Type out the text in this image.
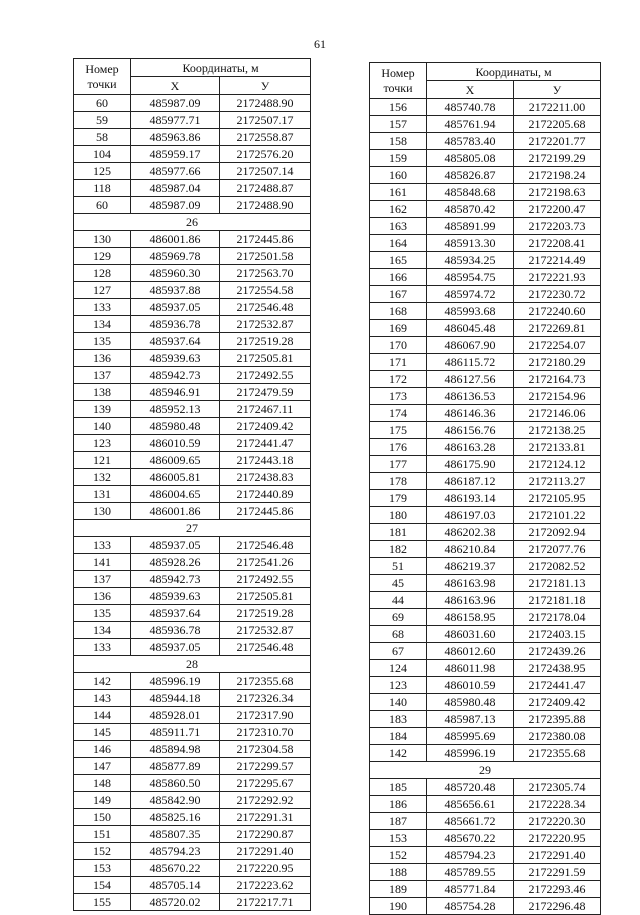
61
Номер точки	Координаты, м	
	X	У
60	485987.09	2172488.90
59	485977.71	2172507.17
58	485963.86	2172558.87
104	485959.17	2172576.20
125	485977.66	2172507.14
118	485987.04	2172488.87
60	485987.09	2172488.90
26		
130	486001.86	2172445.86
129	485969.78	2172501.58
128	485960.30	2172563.70
127	485937.88	2172554.58
133	485937.05	2172546.48
134	485936.78	2172532.87
135	485937.64	2172519.28
136	485939.63	2172505.81
137	485942.73	2172492.55
138	485946.91	2172479.59
139	485952.13	2172467.11
140	485980.48	2172409.42
123	486010.59	2172441.47
121	486009.65	2172443.18
132	486005.81	2172438.83
131	486004.65	2172440.89
130	486001.86	2172445.86
27		
133	485937.05	2172546.48
141	485928.26	2172541.26
137	485942.73	2172492.55
136	485939.63	2172505.81
135	485937.64	2172519.28
134	485936.78	2172532.87
133	485937.05	2172546.48
28		
142	485996.19	2172355.68
143	485944.18	2172326.34
144	485928.01	2172317.90
145	485911.71	2172310.70
146	485894.98	2172304.58
147	485877.89	2172299.57
148	485860.50	2172295.67
149	485842.90	2172292.92
150	485825.16	2172291.31
151	485807.35	2172290.87
152	485794.23	2172291.40
153	485670.22	2172220.95
154	485705.14	2172223.62
155	485720.02	2172217.71
Номер точки	Координаты, м	
	X	У
156	485740.78	2172211.00
157	485761.94	2172205.68
158	485783.40	2172201.77
159	485805.08	2172199.29
160	485826.87	2172198.24
161	485848.68	2172198.63
162	485870.42	2172200.47
163	485891.99	2172203.73
164	485913.30	2172208.41
165	485934.25	2172214.49
166	485954.75	2172221.93
167	485974.72	2172230.72
168	485993.68	2172240.60
169	486045.48	2172269.81
170	486067.90	2172254.07
171	486115.72	2172180.29
172	486127.56	2172164.73
173	486136.53	2172154.96
174	486146.36	2172146.06
175	486156.76	2172138.25
176	486163.28	2172133.81
177	486175.90	2172124.12
178	486187.12	2172113.27
179	486193.14	2172105.95
180	486197.03	2172101.22
181	486202.38	2172092.94
182	486210.84	2172077.76
51	486219.37	2172082.52
45	486163.98	2172181.13
44	486163.96	2172181.18
69	486158.95	2172178.04
68	486031.60	2172403.15
67	486012.60	2172439.26
124	486011.98	2172438.95
123	486010.59	2172441.47
140	485980.48	2172409.42
183	485987.13	2172395.88
184	485995.69	2172380.08
142	485996.19	2172355.68
29		
185	485720.48	2172305.74
186	485656.61	2172228.34
187	485661.72	2172220.30
153	485670.22	2172220.95
152	485794.23	2172291.40
188	485789.55	2172291.59
189	485771.84	2172293.46
190	485754.28	2172296.48
